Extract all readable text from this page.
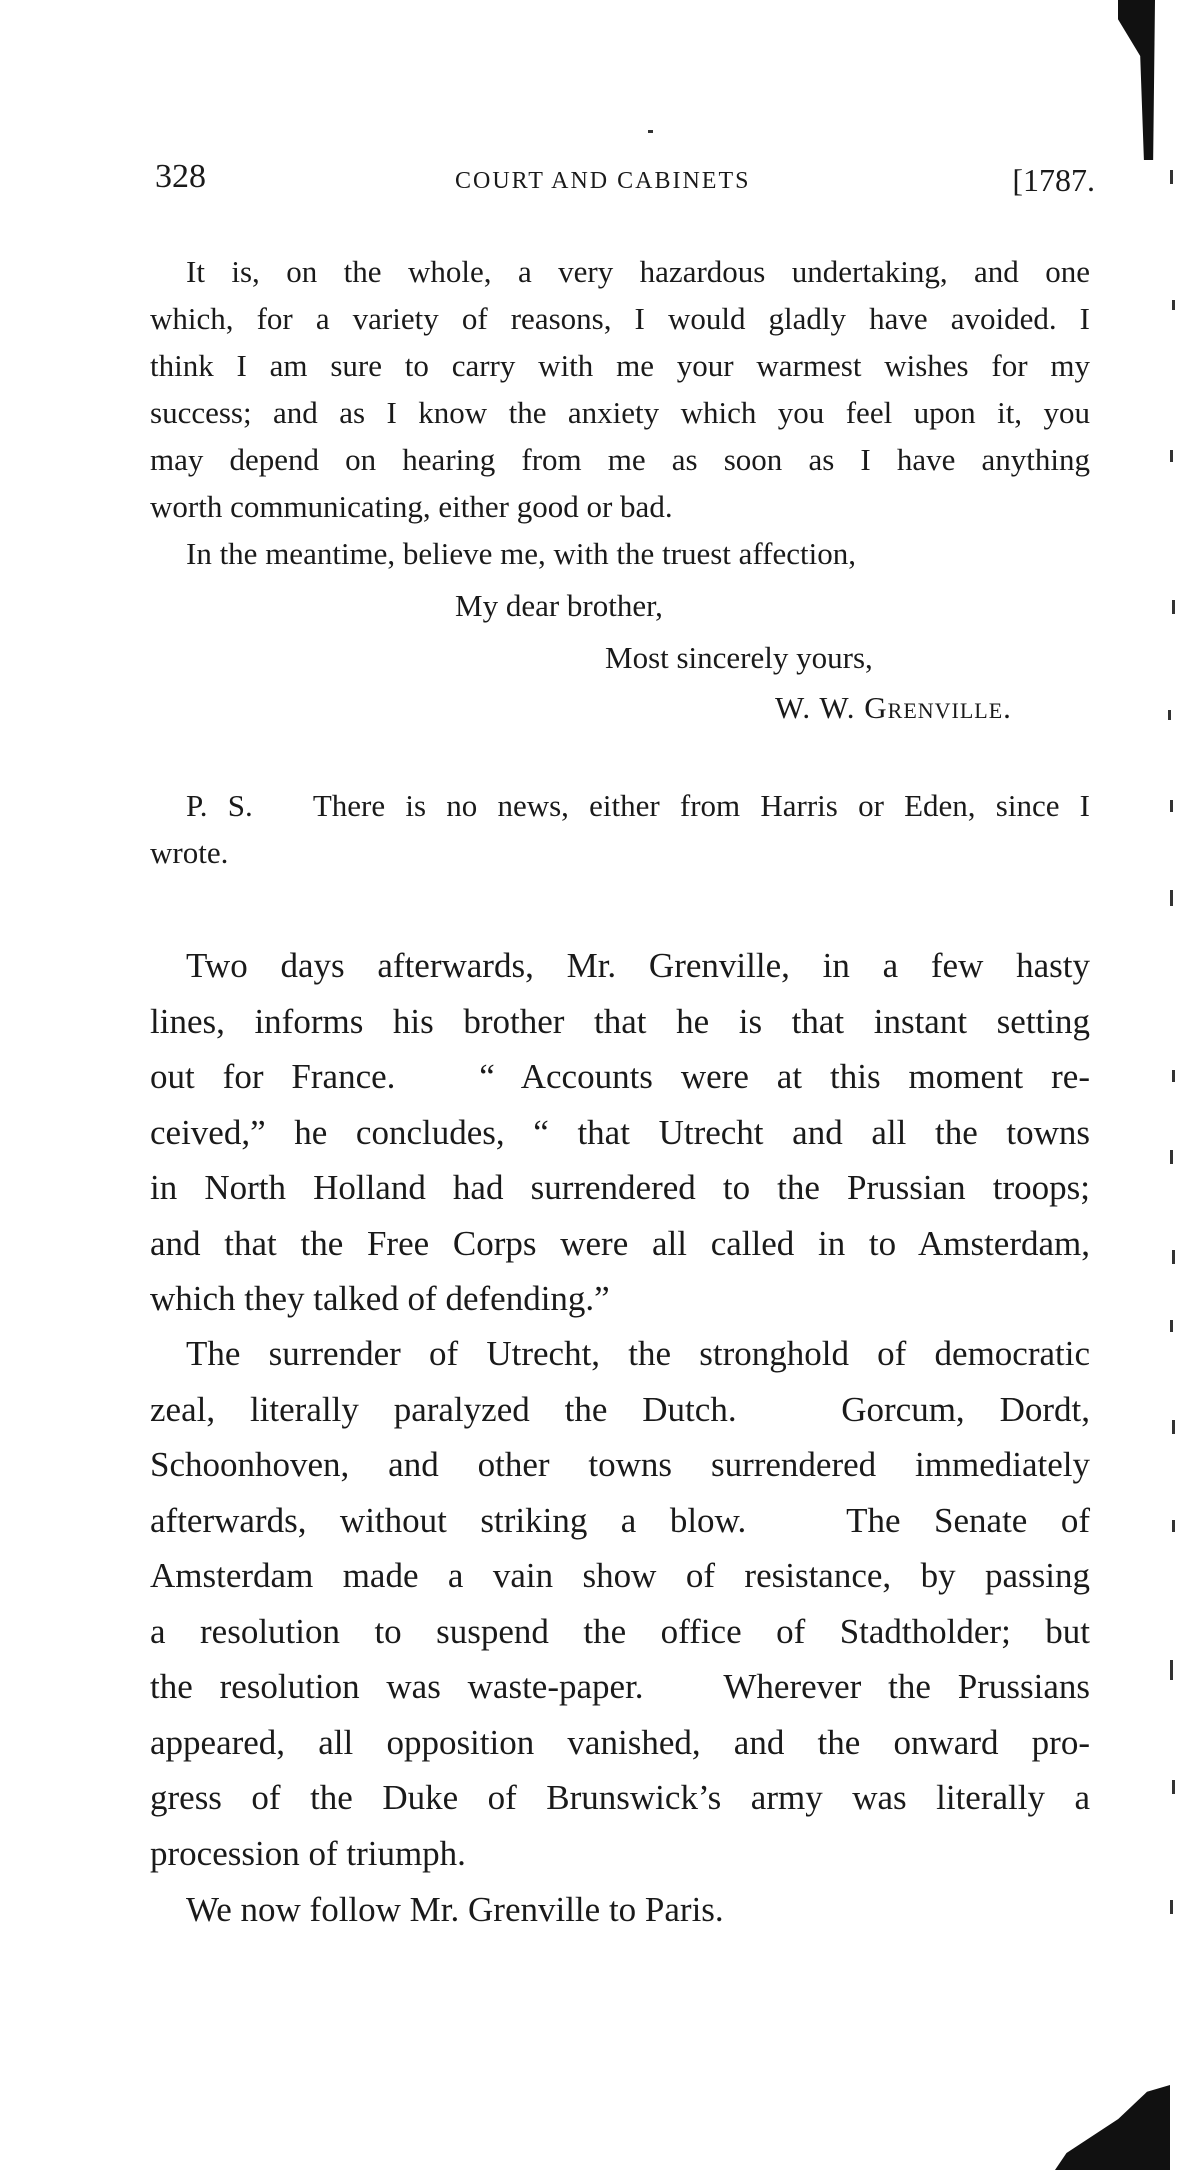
328	COURT AND CABINETS	[1787.
It is, on the whole, a very hazardous undertaking, and one
which, for a variety of reasons, I would gladly have avoided. I
think I am sure to carry with me your warmest wishes for my
success; and as I know the anxiety which you feel upon it, you
may depend on hearing from me as soon as I have anything
worth communicating, either good or bad.
In the meantime, believe me, with the truest affection,
My dear brother,
Most sincerely yours,
W. W. Grenville.
P. S.   There is no news, either from Harris or Eden, since I
wrote.
Two days afterwards, Mr. Grenville, in a few hasty
lines, informs his brother that he is that instant setting
out for France.   “ Accounts were at this moment re-
ceived,” he concludes, “ that Utrecht and all the towns
in North Holland had surrendered to the Prussian troops;
and that the Free Corps were all called in to Amsterdam,
which they talked of defending.”
The surrender of Utrecht, the stronghold of democratic
zeal, literally paralyzed the Dutch.   Gorcum, Dordt,
Schoonhoven, and other towns surrendered immediately
afterwards, without striking a blow.   The Senate of
Amsterdam made a vain show of resistance, by passing
a resolution to suspend the office of Stadtholder; but
the resolution was waste-paper.   Wherever the Prussians
appeared, all opposition vanished, and the onward pro-
gress of the Duke of Brunswick’s army was literally a
procession of triumph.
We now follow Mr. Grenville to Paris.
